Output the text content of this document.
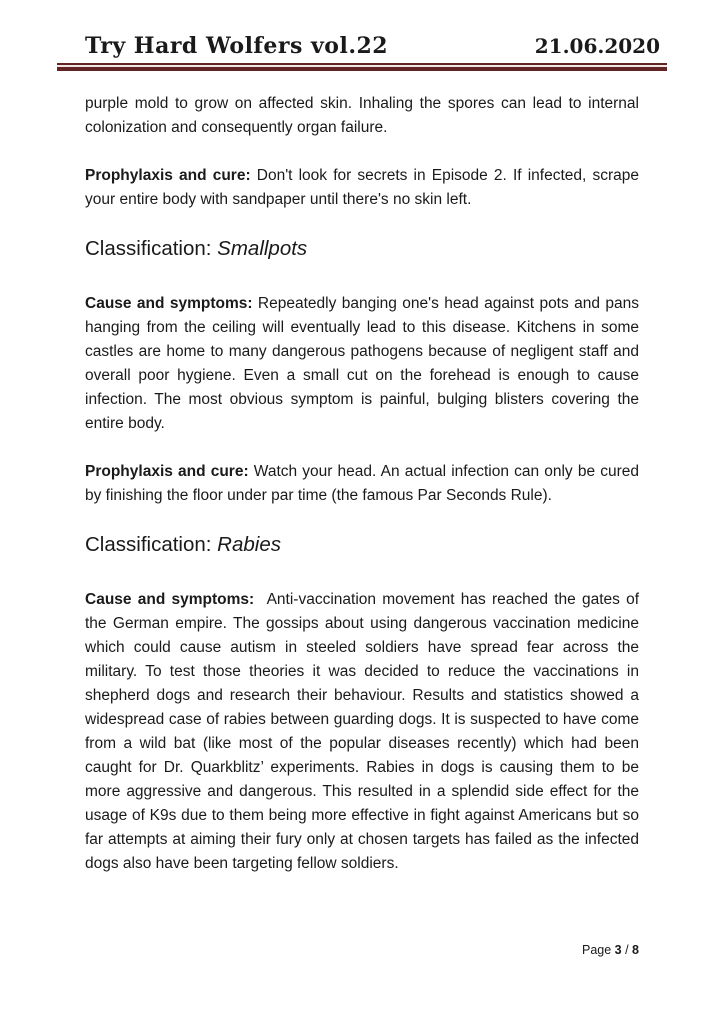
Try Hard Wolfers vol.22	21.06.2020

purple mold to grow on affected skin. Inhaling the spores can lead to internal colonization and consequently organ failure.

Prophylaxis and cure: Don't look for secrets in Episode 2. If infected, scrape your entire body with sandpaper until there's no skin left.

Classification: Smallpots

Cause and symptoms: Repeatedly banging one's head against pots and pans hanging from the ceiling will eventually lead to this disease. Kitchens in some castles are home to many dangerous pathogens because of negligent staff and overall poor hygiene. Even a small cut on the forehead is enough to cause infection. The most obvious symptom is painful, bulging blisters covering the entire body.

Prophylaxis and cure: Watch your head. An actual infection can only be cured by finishing the floor under par time (the famous Par Seconds Rule).

Classification: Rabies

Cause and symptoms:  Anti-vaccination movement has reached the gates of the German empire. The gossips about using dangerous vaccination medicine which could cause autism in steeled soldiers have spread fear across the military. To test those theories it was decided to reduce the vaccinations in shepherd dogs and research their behaviour. Results and statistics showed a widespread case of rabies between guarding dogs. It is suspected to have come from a wild bat (like most of the popular diseases recently) which had been caught for Dr. Quarkblitz’ experiments. Rabies in dogs is causing them to be more aggressive and dangerous. This resulted in a splendid side effect for the usage of K9s due to them being more effective in fight against Americans but so far attempts at aiming their fury only at chosen targets has failed as the infected dogs also have been targeting fellow soldiers.

Page 3 / 8
